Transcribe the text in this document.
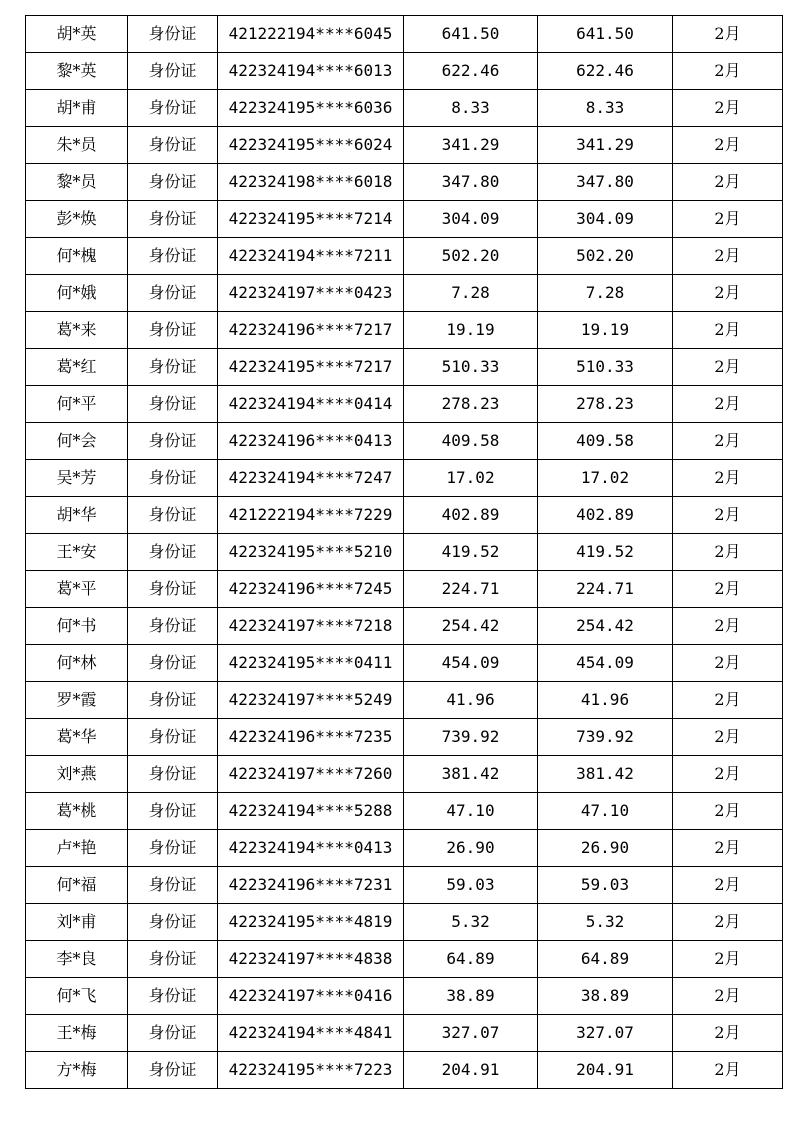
胡*英	身份证	421222194****6045	641.50	641.50	2月
黎*英	身份证	422324194****6013	622.46	622.46	2月
胡*甫	身份证	422324195****6036	8.33	8.33	2月
朱*员	身份证	422324195****6024	341.29	341.29	2月
黎*员	身份证	422324198****6018	347.80	347.80	2月
彭*焕	身份证	422324195****7214	304.09	304.09	2月
何*槐	身份证	422324194****7211	502.20	502.20	2月
何*娥	身份证	422324197****0423	7.28	7.28	2月
葛*来	身份证	422324196****7217	19.19	19.19	2月
葛*红	身份证	422324195****7217	510.33	510.33	2月
何*平	身份证	422324194****0414	278.23	278.23	2月
何*会	身份证	422324196****0413	409.58	409.58	2月
吴*芳	身份证	422324194****7247	17.02	17.02	2月
胡*华	身份证	421222194****7229	402.89	402.89	2月
王*安	身份证	422324195****5210	419.52	419.52	2月
葛*平	身份证	422324196****7245	224.71	224.71	2月
何*书	身份证	422324197****7218	254.42	254.42	2月
何*林	身份证	422324195****0411	454.09	454.09	2月
罗*霞	身份证	422324197****5249	41.96	41.96	2月
葛*华	身份证	422324196****7235	739.92	739.92	2月
刘*燕	身份证	422324197****7260	381.42	381.42	2月
葛*桃	身份证	422324194****5288	47.10	47.10	2月
卢*艳	身份证	422324194****0413	26.90	26.90	2月
何*福	身份证	422324196****7231	59.03	59.03	2月
刘*甫	身份证	422324195****4819	5.32	5.32	2月
李*良	身份证	422324197****4838	64.89	64.89	2月
何*飞	身份证	422324197****0416	38.89	38.89	2月
王*梅	身份证	422324194****4841	327.07	327.07	2月
方*梅	身份证	422324195****7223	204.91	204.91	2月
